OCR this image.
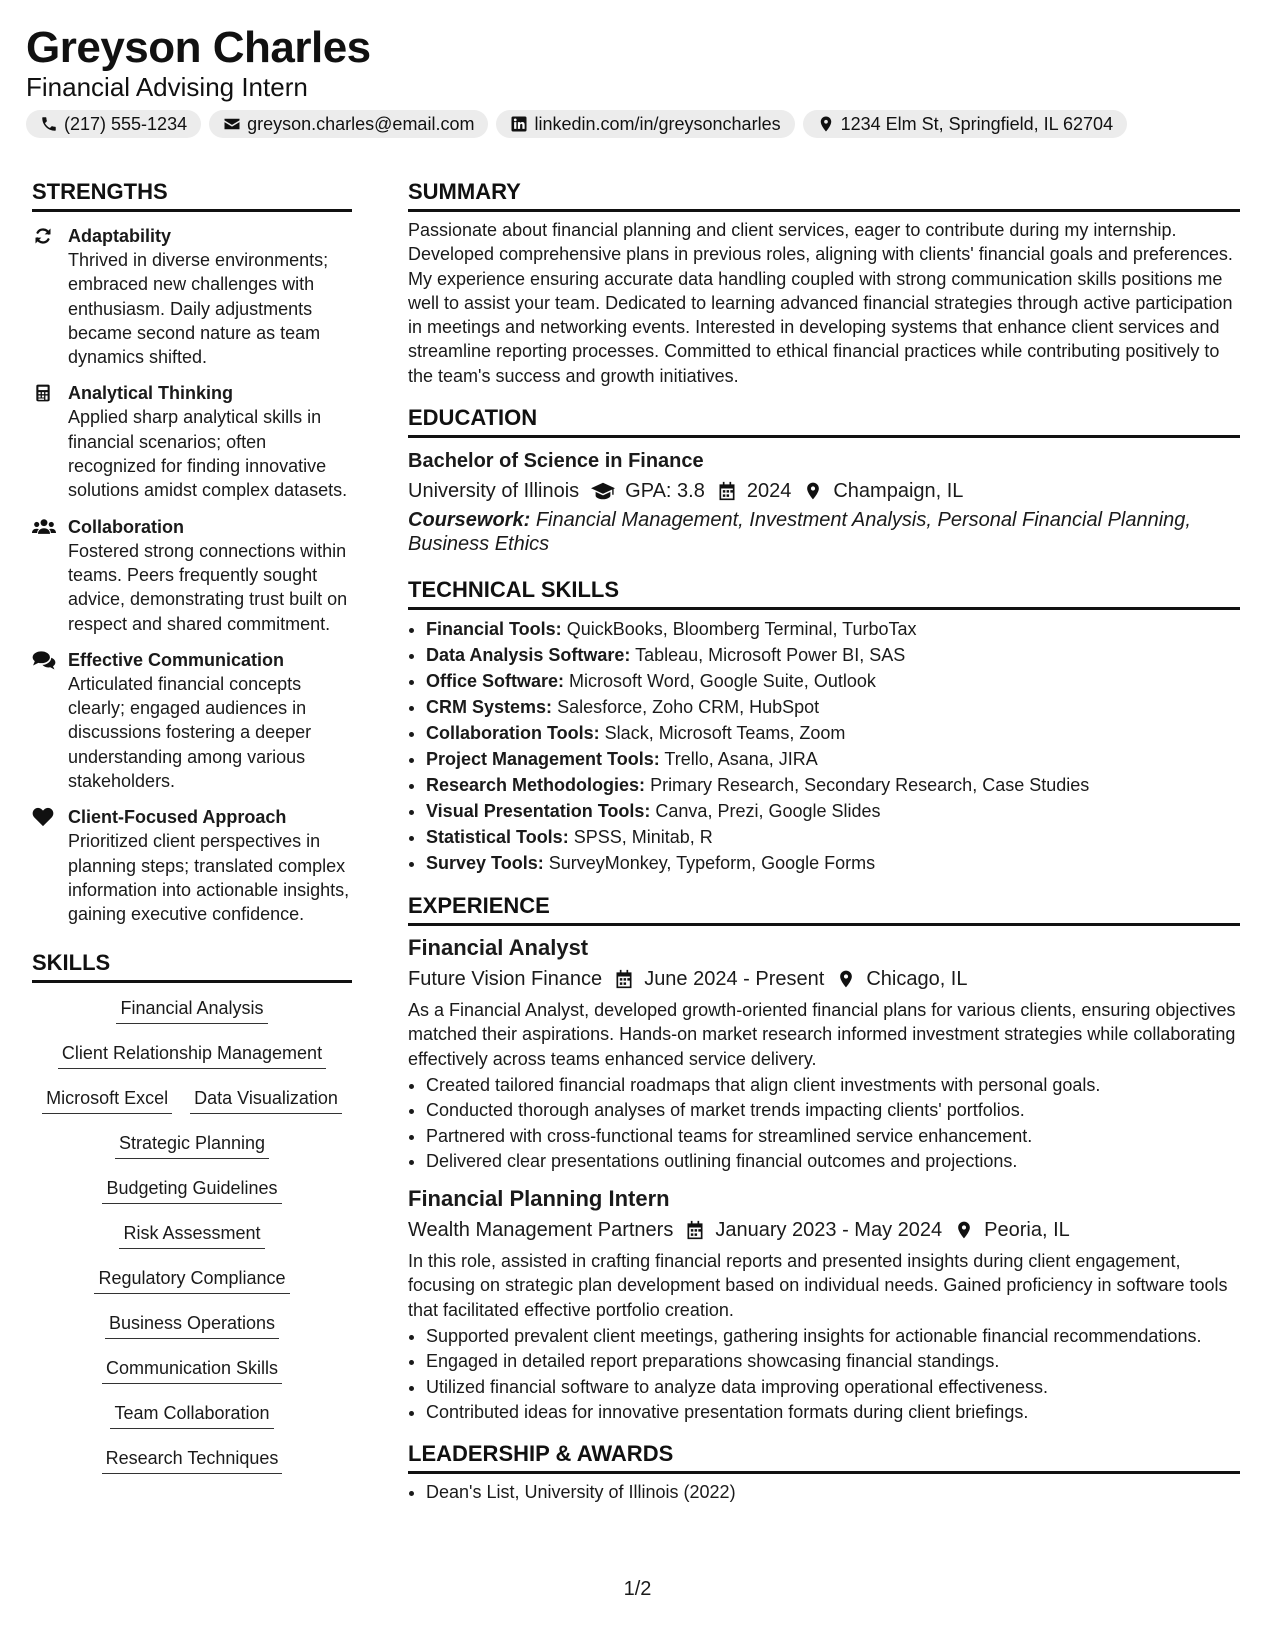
Greyson Charles
Financial Advising Intern
(217) 555-1234	greyson.charles@email.com	linkedin.com/in/greysoncharles	1234 Elm St, Springfield, IL 62704
STRENGTHS
Adaptability
Thrived in diverse environments; embraced new challenges with enthusiasm. Daily adjustments became second nature as team dynamics shifted.
Analytical Thinking
Applied sharp analytical skills in financial scenarios; often recognized for finding innovative solutions amidst complex datasets.
Collaboration
Fostered strong connections within teams. Peers frequently sought advice, demonstrating trust built on respect and shared commitment.
Effective Communication
Articulated financial concepts clearly; engaged audiences in discussions fostering a deeper understanding among various stakeholders.
Client-Focused Approach
Prioritized client perspectives in planning steps; translated complex information into actionable insights, gaining executive confidence.
SKILLS
Financial Analysis
Client Relationship Management
Microsoft Excel Data Visualization
Strategic Planning
Budgeting Guidelines
Risk Assessment
Regulatory Compliance
Business Operations
Communication Skills
Team Collaboration
Research Techniques
SUMMARY

Passionate about financial planning and client services, eager to contribute during my internship. Developed comprehensive plans in previous roles, aligning with clients' financial goals and preferences. My experience ensuring accurate data handling coupled with strong communication skills positions me well to assist your team. Dedicated to learning advanced financial strategies through active participation in meetings and networking events. Interested in developing systems that enhance client services and streamline reporting processes. Committed to ethical financial practices while contributing positively to the team's success and growth initiatives.

EDUCATION
Bachelor of Science in Finance
University of Illinois GPA: 3.8 2024 Champaign, IL
Coursework: Financial Management, Investment Analysis, Personal Financial Planning, Business Ethics
TECHNICAL SKILLS
• Financial Tools: QuickBooks, Bloomberg Terminal, TurboTax
• Data Analysis Software: Tableau, Microsoft Power BI, SAS
• Office Software: Microsoft Word, Google Suite, Outlook
• CRM Systems: Salesforce, Zoho CRM, HubSpot
• Collaboration Tools: Slack, Microsoft Teams, Zoom
• Project Management Tools: Trello, Asana, JIRA
• Research Methodologies: Primary Research, Secondary Research, Case Studies
• Visual Presentation Tools: Canva, Prezi, Google Slides
• Statistical Tools: SPSS, Minitab, R
• Survey Tools: SurveyMonkey, Typeform, Google Forms
EXPERIENCE
Financial Analyst
Future Vision Finance June 2024 - Present Chicago, IL

As a Financial Analyst, developed growth-oriented financial plans for various clients, ensuring objectives matched their aspirations. Hands-on market research informed investment strategies while collaborating effectively across teams enhanced service delivery.

• Created tailored financial roadmaps that align client investments with personal goals.
• Conducted thorough analyses of market trends impacting clients' portfolios.
• Partnered with cross-functional teams for streamlined service enhancement.
• Delivered clear presentations outlining financial outcomes and projections.
Financial Planning Intern
Wealth Management Partners January 2023 - May 2024 Peoria, IL

In this role, assisted in crafting financial reports and presented insights during client engagement, focusing on strategic plan development based on individual needs. Gained proficiency in software tools that facilitated effective portfolio creation.

• Supported prevalent client meetings, gathering insights for actionable financial recommendations.
• Engaged in detailed report preparations showcasing financial standings.
• Utilized financial software to analyze data improving operational effectiveness.
• Contributed ideas for innovative presentation formats during client briefings.
LEADERSHIP & AWARDS
• Dean's List, University of Illinois (2022)
1/2
